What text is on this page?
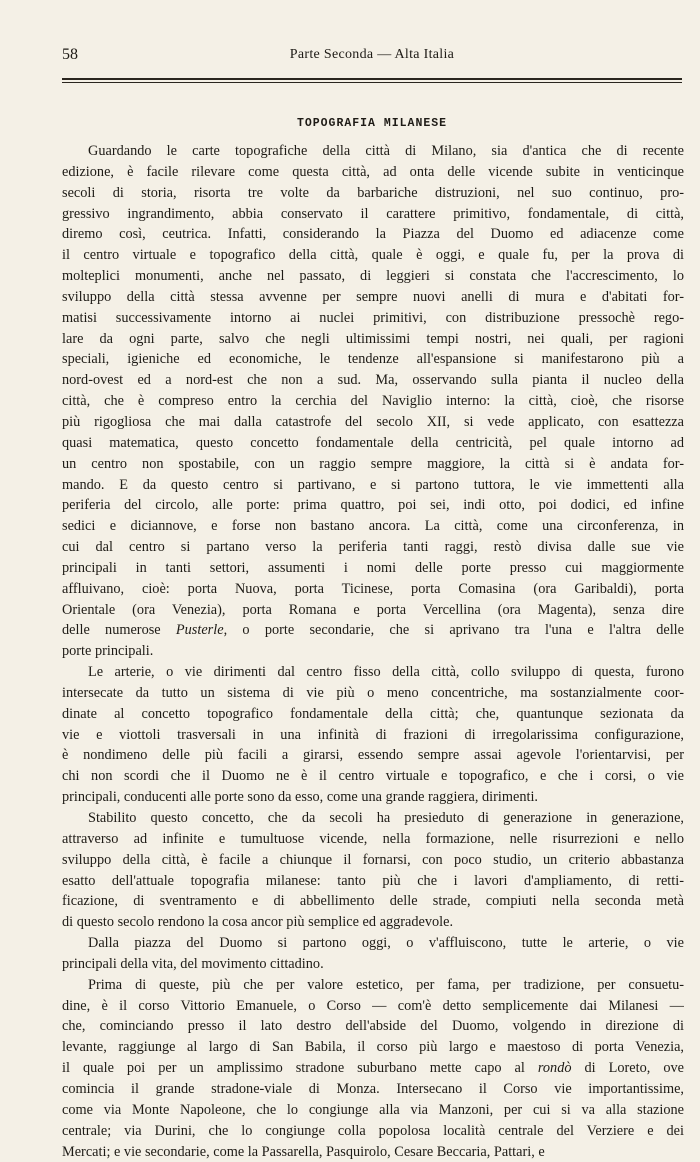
58	Parte Seconda — Alta Italia
TOPOGRAFIA MILANESE
Guardando le carte topografiche della città di Milano, sia d'antica che di recente
edizione, è facile rilevare come questa città, ad onta delle vicende subite in venticinque
secoli di storia, risorta tre volte da barbariche distruzioni, nel suo continuo, pro-
gressivo ingrandimento, abbia conservato il carattere primitivo, fondamentale, di città,
diremo così, ceutrica. Infatti, considerando la Piazza del Duomo ed adiacenze come
il centro virtuale e topografico della città, quale è oggi, e quale fu, per la prova di
molteplici monumenti, anche nel passato, di leggieri si constata che l'accrescimento, lo
sviluppo della città stessa avvenne per sempre nuovi anelli di mura e d'abitati for-
matisi successivamente intorno ai nuclei primitivi, con distribuzione pressochè rego-
lare da ogni parte, salvo che negli ultimissimi tempi nostri, nei quali, per ragioni
speciali, igieniche ed economiche, le tendenze all'espansione si manifestarono più a
nord-ovest ed a nord-est che non a sud. Ma, osservando sulla pianta il nucleo della
città, che è compreso entro la cerchia del Naviglio interno: la città, cioè, che risorse
più rigogliosa che mai dalla catastrofe del secolo XII, si vede applicato, con esattezza
quasi matematica, questo concetto fondamentale della centricità, pel quale intorno ad
un centro non spostabile, con un raggio sempre maggiore, la città si è andata for-
mando. E da questo centro si partivano, e si partono tuttora, le vie immettenti alla
periferia del circolo, alle porte: prima quattro, poi sei, indi otto, poi dodici, ed infine
sedici e diciannove, e forse non bastano ancora. La città, come una circonferenza, in
cui dal centro si partano verso la periferia tanti raggi, restò divisa dalle sue vie
principali in tanti settori, assumenti i nomi delle porte presso cui maggiormente
affluivano, cioè: porta Nuova, porta Ticinese, porta Comasina (ora Garibaldi), porta
Orientale (ora Venezia), porta Romana e porta Vercellina (ora Magenta), senza dire
delle numerose Pusterle, o porte secondarie, che si aprivano tra l'una e l'altra delle
porte principali.
Le arterie, o vie dirimenti dal centro fisso della città, collo sviluppo di questa, furono
intersecate da tutto un sistema di vie più o meno concentriche, ma sostanzialmente coor-
dinate al concetto topografico fondamentale della città; che, quantunque sezionata da
vie e viottoli trasversali in una infinità di frazioni di irregolarissima configurazione,
è nondimeno delle più facili a girarsi, essendo sempre assai agevole l'orientarvisi, per
chi non scordi che il Duomo ne è il centro virtuale e topografico, e che i corsi, o vie
principali, conducenti alle porte sono da esso, come una grande raggiera, dirimenti.
Stabilito questo concetto, che da secoli ha presieduto di generazione in generazione,
attraverso ad infinite e tumultuose vicende, nella formazione, nelle risurrezioni e nello
sviluppo della città, è facile a chiunque il fornarsi, con poco studio, un criterio abbastanza
esatto dell'attuale topografia milanese: tanto più che i lavori d'ampliamento, di retti-
ficazione, di sventramento e di abbellimento delle strade, compiuti nella seconda metà
di questo secolo rendono la cosa ancor più semplice ed aggradevole.
Dalla piazza del Duomo si partono oggi, o v'affluiscono, tutte le arterie, o vie
principali della vita, del movimento cittadino.
Prima di queste, più che per valore estetico, per fama, per tradizione, per consuetu-
dine, è il corso Vittorio Emanuele, o Corso — com'è detto semplicemente dai Milanesi —
che, cominciando presso il lato destro dell'abside del Duomo, volgendo in direzione di
levante, raggiunge al largo di San Babila, il corso più largo e maestoso di porta Venezia,
il quale poi per un amplissimo stradone suburbano mette capo al rondò di Loreto, ove
comincia il grande stradone-viale di Monza. Intersecano il Corso vie importantissime,
come via Monte Napoleone, che lo congiunge alla via Manzoni, per cui si va alla stazione
centrale; via Durini, che lo congiunge colla popolosa località centrale del Verziere e dei
Mercati; e vie secondarie, come la Passarella, Pasquirolo, Cesare Beccaria, Pattari, e
